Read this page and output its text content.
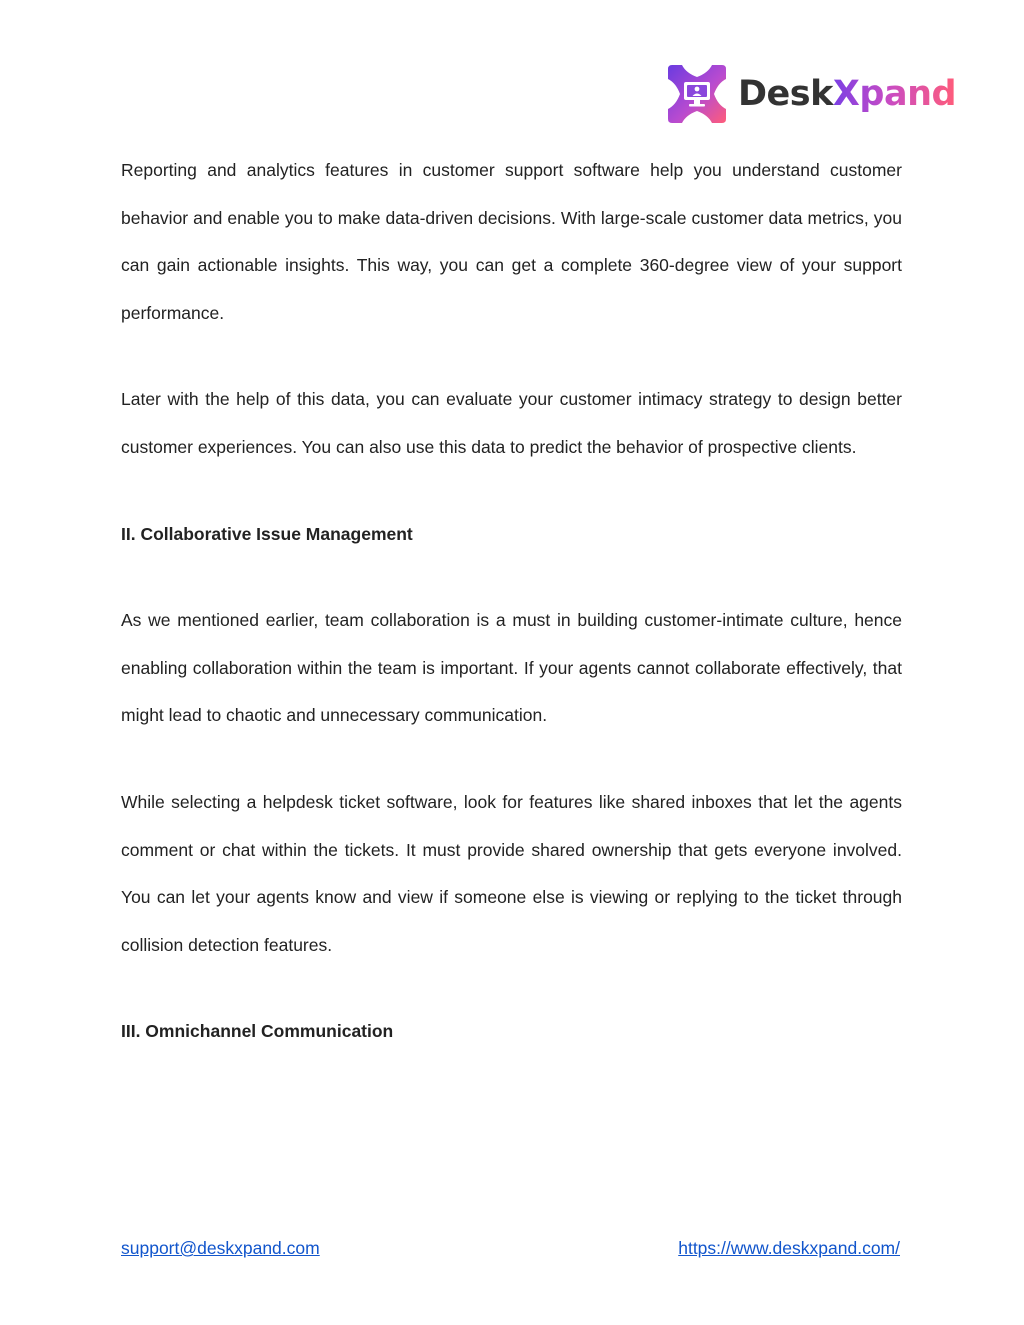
DeskXpand

Reporting and analytics features in customer support software help you understand customer behavior and enable you to make data-driven decisions. With large-scale customer data metrics, you can gain actionable insights. This way, you can get a complete 360-degree view of your support performance.

Later with the help of this data, you can evaluate your customer intimacy strategy to design better customer experiences. You can also use this data to predict the behavior of prospective clients.

II. Collaborative Issue Management

As we mentioned earlier, team collaboration is a must in building customer-intimate culture, hence enabling collaboration within the team is important. If your agents cannot collaborate effectively, that might lead to chaotic and unnecessary communication.

While selecting a helpdesk ticket software, look for features like shared inboxes that let the agents comment or chat within the tickets. It must provide shared ownership that gets everyone involved. You can let your agents know and view if someone else is viewing or replying to the ticket through collision detection features.

III. Omnichannel Communication

support@deskxpand.com	https://www.deskxpand.com/
